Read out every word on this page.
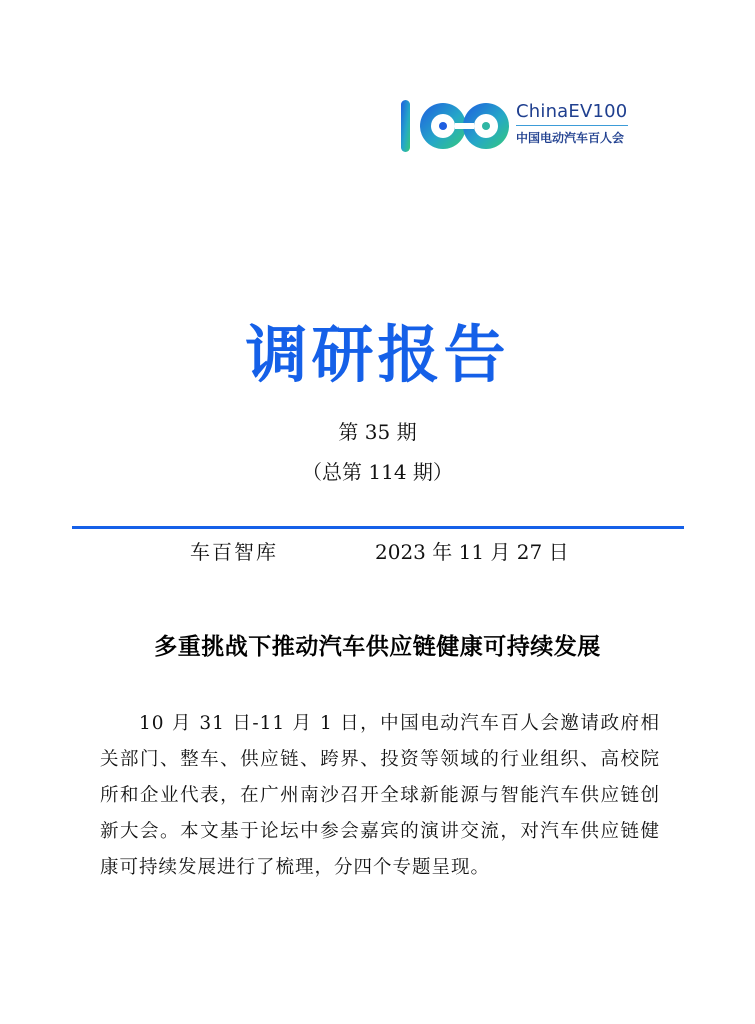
ChinaEV100
中国电动汽车百人会
调研报告
第 35 期
（总第 114 期）
车百智库	2023 年 11 月 27 日
多重挑战下推动汽车供应链健康可持续发展
10 月 31 日-11 月 1 日，中国电动汽车百人会邀请政府相关部门、整车、供应链、跨界、投资等领域的行业组织、高校院所和企业代表，在广州南沙召开全球新能源与智能汽车供应链创新大会。本文基于论坛中参会嘉宾的演讲交流，对汽车供应链健康可持续发展进行了梳理，分四个专题呈现。
